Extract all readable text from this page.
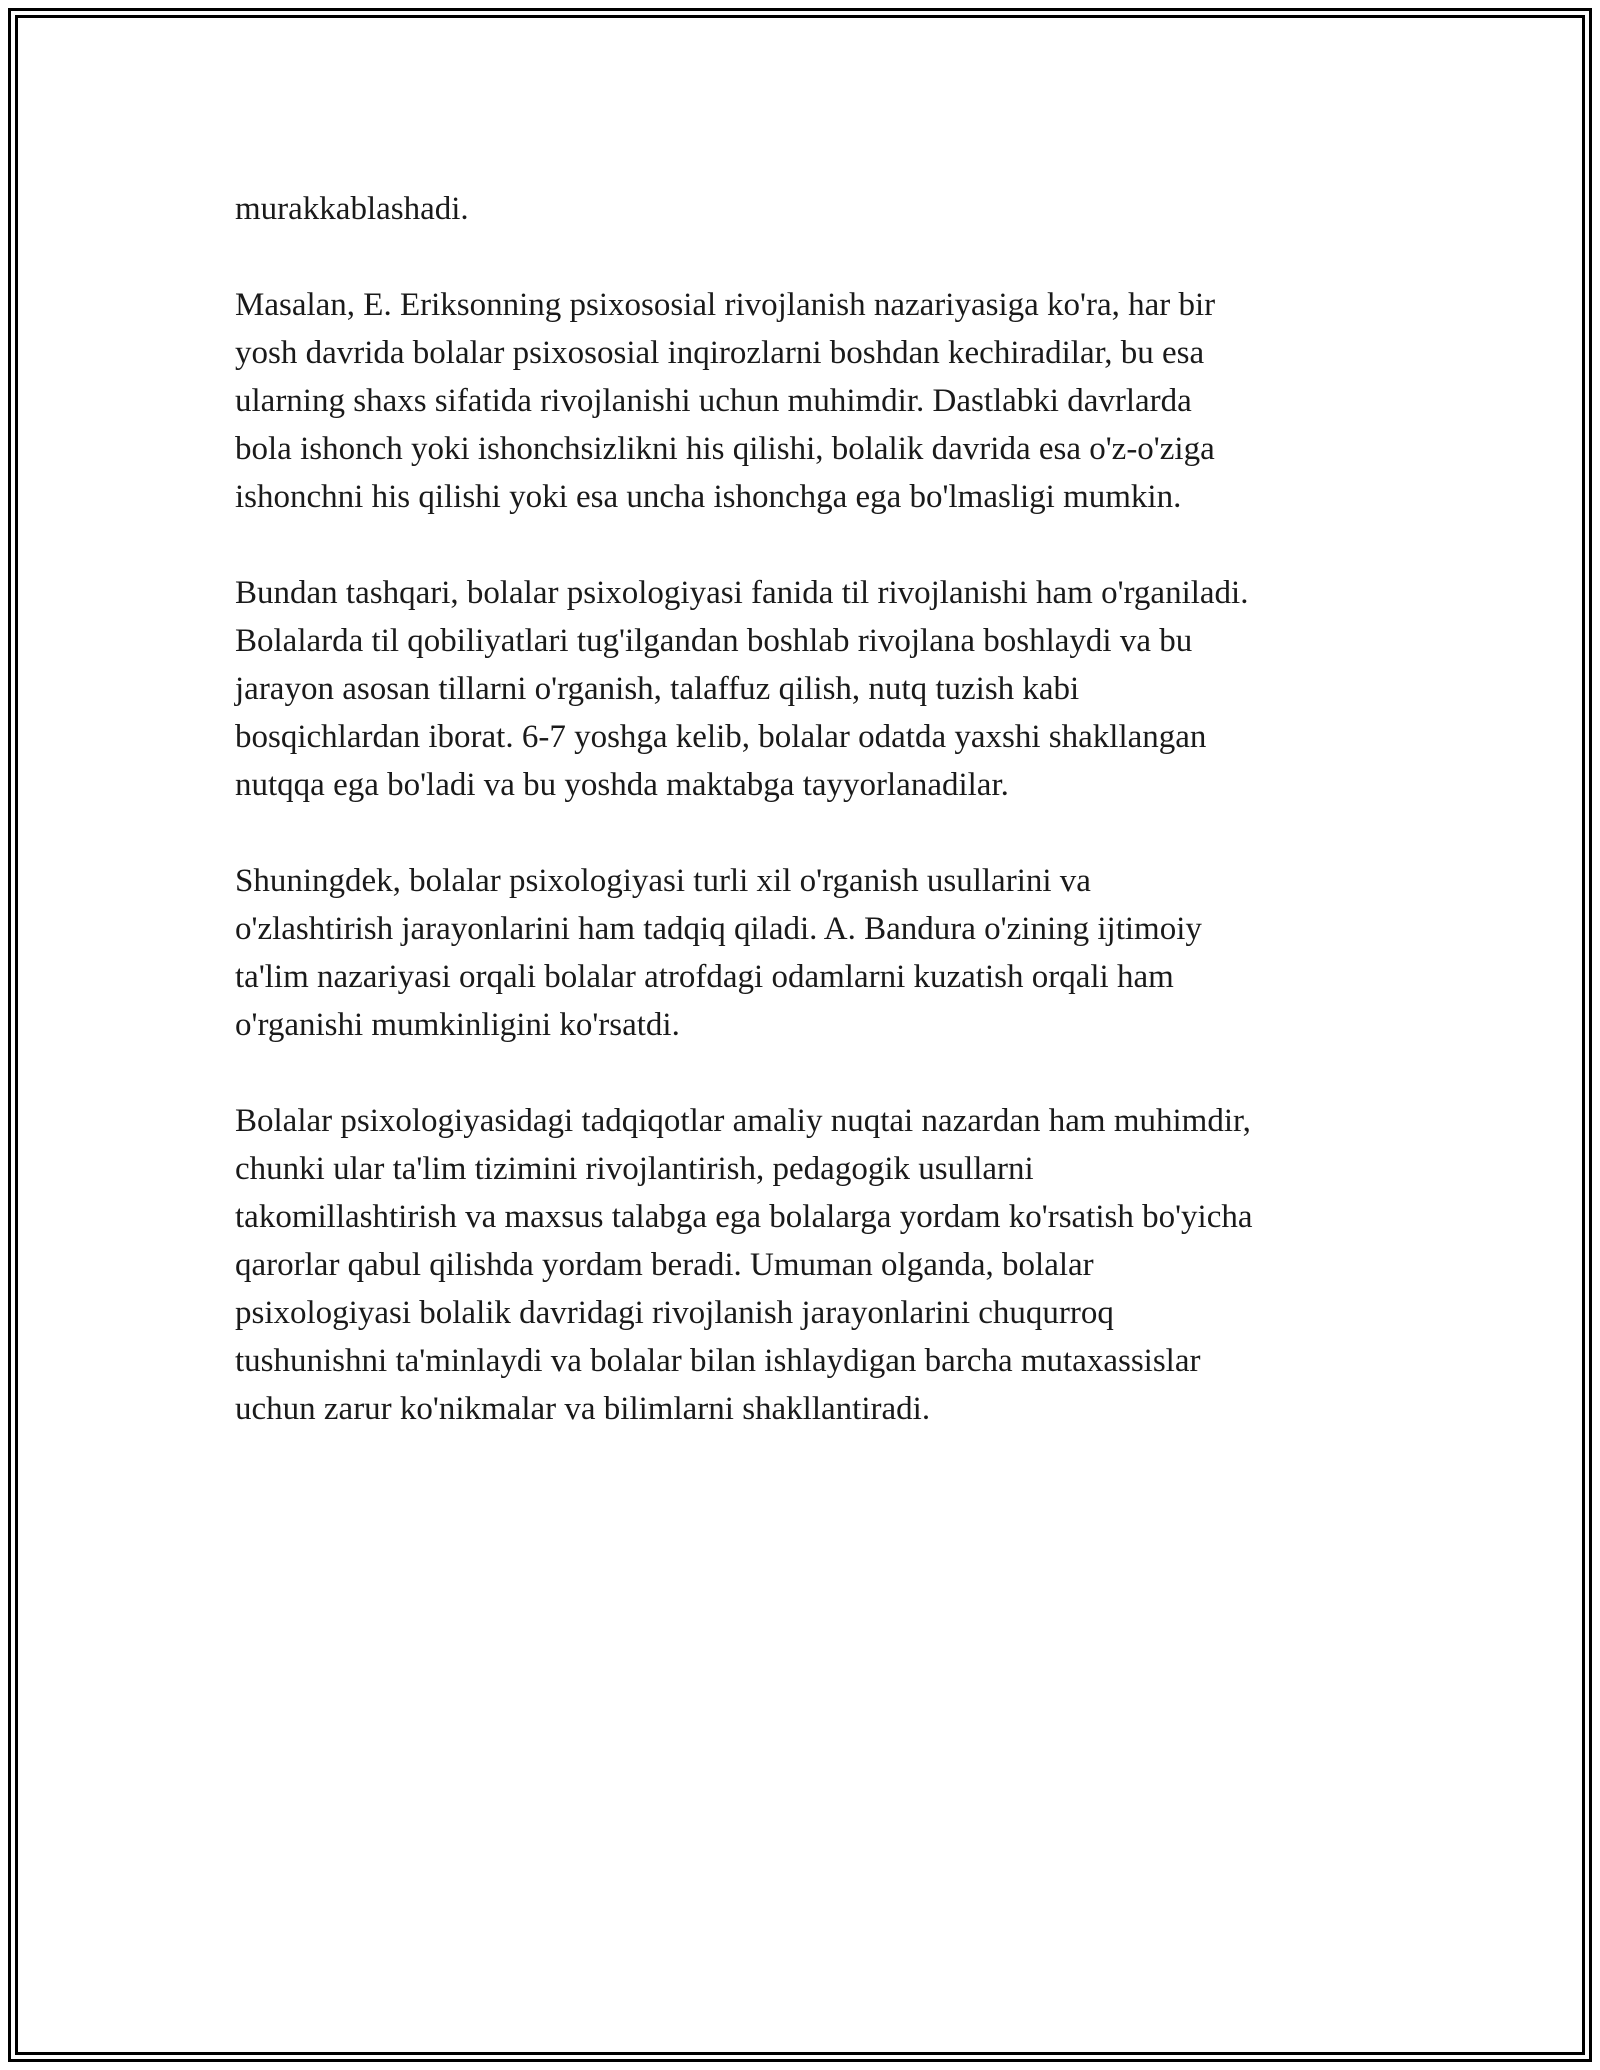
murakkablashadi.
Masalan, E. Eriksonning psixososial rivojlanish nazariyasiga ko'ra, har bir
yosh davrida bolalar psixososial inqirozlarni boshdan kechiradilar, bu esa
ularning shaxs sifatida rivojlanishi uchun muhimdir. Dastlabki davrlarda
bola ishonch yoki ishonchsizlikni his qilishi, bolalik davrida esa o'z-o'ziga
ishonchni his qilishi yoki esa uncha ishonchga ega bo'lmasligi mumkin.
Bundan tashqari, bolalar psixologiyasi fanida til rivojlanishi ham o'rganiladi.
Bolalarda til qobiliyatlari tug'ilgandan boshlab rivojlana boshlaydi va bu
jarayon asosan tillarni o'rganish, talaffuz qilish, nutq tuzish kabi
bosqichlardan iborat. 6-7 yoshga kelib, bolalar odatda yaxshi shakllangan
nutqqa ega bo'ladi va bu yoshda maktabga tayyorlanadilar.
Shuningdek, bolalar psixologiyasi turli xil o'rganish usullarini va
o'zlashtirish jarayonlarini ham tadqiq qiladi. A. Bandura o'zining ijtimoiy
ta'lim nazariyasi orqali bolalar atrofdagi odamlarni kuzatish orqali ham
o'rganishi mumkinligini ko'rsatdi.
Bolalar psixologiyasidagi tadqiqotlar amaliy nuqtai nazardan ham muhimdir,
chunki ular ta'lim tizimini rivojlantirish, pedagogik usullarni
takomillashtirish va maxsus talabga ega bolalarga yordam ko'rsatish bo'yicha
qarorlar qabul qilishda yordam beradi. Umuman olganda, bolalar
psixologiyasi bolalik davridagi rivojlanish jarayonlarini chuqurroq
tushunishni ta'minlaydi va bolalar bilan ishlaydigan barcha mutaxassislar
uchun zarur ko'nikmalar va bilimlarni shakllantiradi.
